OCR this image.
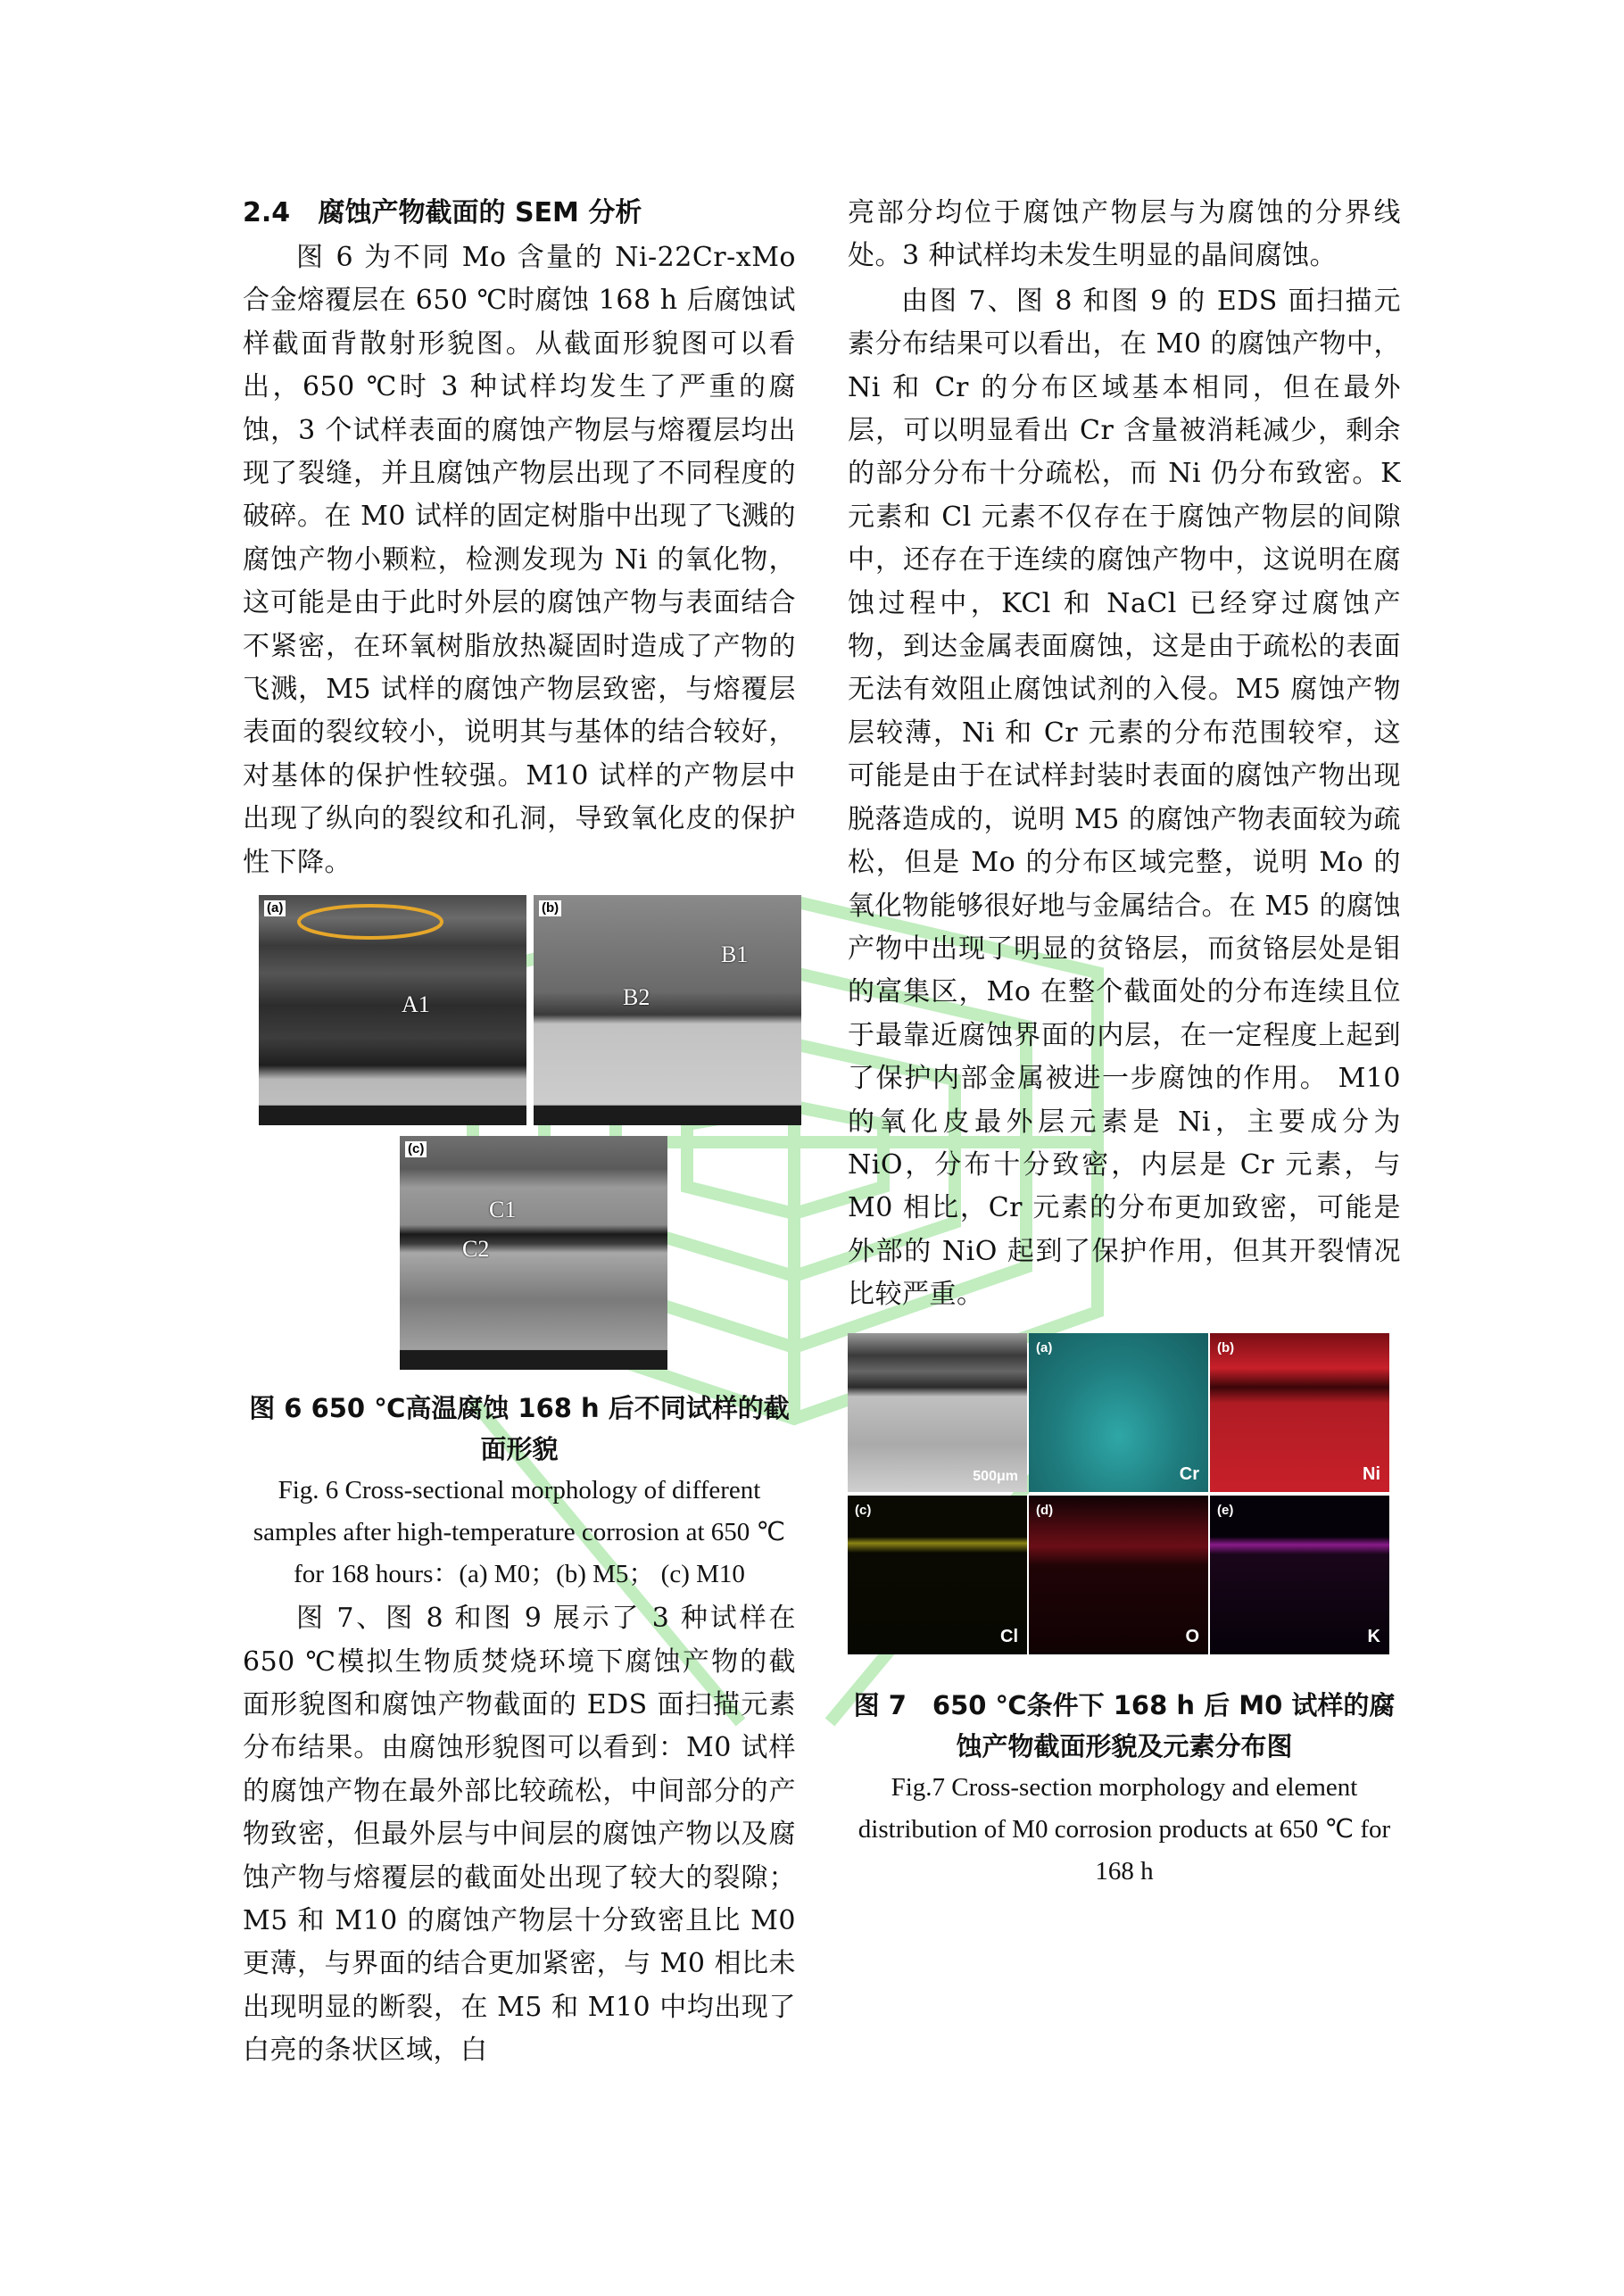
2.4 腐蚀产物截面的 SEM 分析

图 6 为不同 Mo 含量的 Ni-22Cr-xMo 合金熔覆层在 650 ℃时腐蚀 168 h 后腐蚀试样截面背散射形貌图。从截面形貌图可以看出，650 ℃时 3 种试样均发生了严重的腐蚀，3 个试样表面的腐蚀产物层与熔覆层均出现了裂缝，并且腐蚀产物层出现了不同程度的破碎。在 M0 试样的固定树脂中出现了飞溅的腐蚀产物小颗粒，检测发现为 Ni 的氧化物，这可能是由于此时外层的腐蚀产物与表面结合不紧密，在环氧树脂放热凝固时造成了产物的飞溅，M5 试样的腐蚀产物层致密，与熔覆层表面的裂纹较小，说明其与基体的结合较好，对基体的保护性较强。M10 试样的产物层中出现了纵向的裂纹和孔洞，导致氧化皮的保护性下降。

(a)
A1
(b)
B1
B2
(c)
C1
C2

图 6 650 ℃高温腐蚀 168 h 后不同试样的截面形貌

Fig. 6 Cross-sectional morphology of different samples after high-temperature corrosion at 650 ℃ for 168 hours：(a) M0；(b) M5； (c) M10

图 7、图 8 和图 9 展示了 3 种试样在 650 ℃模拟生物质焚烧环境下腐蚀产物的截面形貌图和腐蚀产物截面的 EDS 面扫描元素分布结果。由腐蚀形貌图可以看到：M0 试样的腐蚀产物在最外部比较疏松，中间部分的产物致密，但最外层与中间层的腐蚀产物以及腐蚀产物与熔覆层的截面处出现了较大的裂隙；M5 和 M10 的腐蚀产物层十分致密且比 M0 更薄，与界面的结合更加紧密，与 M0 相比未出现明显的断裂，在 M5 和 M10 中均出现了白亮的条状区域，白

亮部分均位于腐蚀产物层与为腐蚀的分界线处。3 种试样均未发生明显的晶间腐蚀。

由图 7、图 8 和图 9 的 EDS 面扫描元素分布结果可以看出，在 M0 的腐蚀产物中，Ni 和 Cr 的分布区域基本相同，但在最外层，可以明显看出 Cr 含量被消耗减少，剩余的部分分布十分疏松，而 Ni 仍分布致密。K 元素和 Cl 元素不仅存在于腐蚀产物层的间隙中，还存在于连续的腐蚀产物中，这说明在腐蚀过程中，KCl 和 NaCl 已经穿过腐蚀产物，到达金属表面腐蚀，这是由于疏松的表面无法有效阻止腐蚀试剂的入侵。M5 腐蚀产物层较薄，Ni 和 Cr 元素的分布范围较窄，这可能是由于在试样封装时表面的腐蚀产物出现脱落造成的，说明 M5 的腐蚀产物表面较为疏松，但是 Mo 的分布区域完整，说明 Mo 的氧化物能够很好地与金属结合。在 M5 的腐蚀产物中出现了明显的贫铬层，而贫铬层处是钼的富集区，Mo 在整个截面处的分布连续且位于最靠近腐蚀界面的内层，在一定程度上起到了保护内部金属被进一步腐蚀的作用。 M10 的氧化皮最外层元素是 Ni，主要成分为 NiO，分布十分致密，内层是 Cr 元素，与 M0 相比，Cr 元素的分布更加致密，可能是外部的 NiO 起到了保护作用，但其开裂情况比较严重。

500μm
(a)
Cr
(b)
Ni
(c)
Cl
(d)
O
(e)
K

图 7　650 ℃条件下 168 h 后 M0 试样的腐

蚀产物截面形貌及元素分布图

Fig.7 Cross-section morphology and element distribution of M0 corrosion products at 650 ℃ for 168 h
